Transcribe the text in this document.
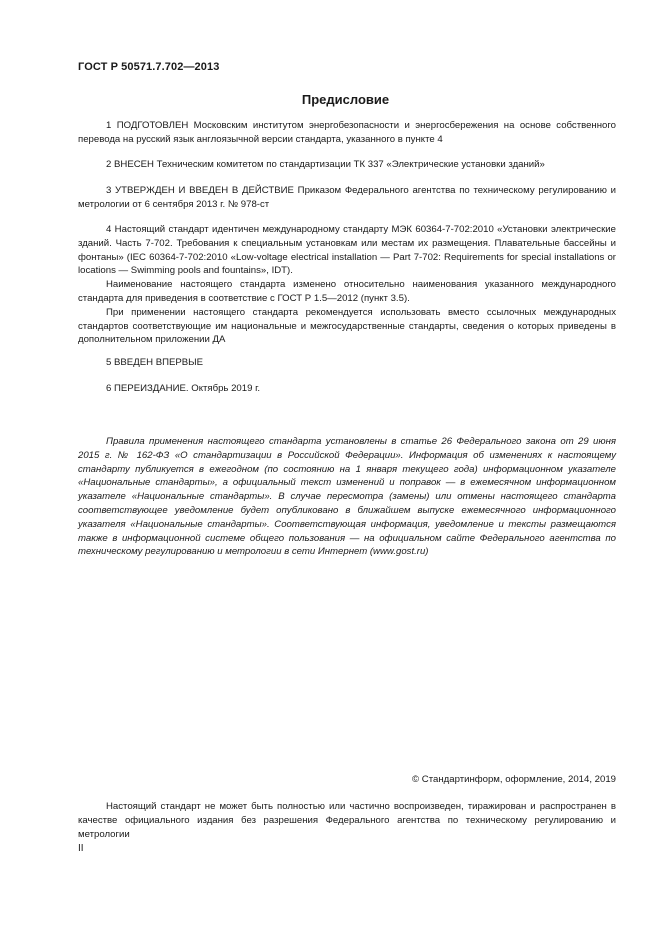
ГОСТ Р 50571.7.702—2013
Предисловие

1 ПОДГОТОВЛЕН Московским институтом энергобезопасности и энергосбережения на основе собственного перевода на русский язык англоязычной версии стандарта, указанного в пункте 4

2 ВНЕСЕН Техническим комитетом по стандартизации ТК 337 «Электрические установки зданий»

3 УТВЕРЖДЕН И ВВЕДЕН В ДЕЙСТВИЕ Приказом Федерального агентства по техническому регулированию и метрологии от 6 сентября 2013 г. № 978-ст

4 Настоящий стандарт идентичен международному стандарту МЭК 60364-7-702:2010 «Установки электрические зданий. Часть 7-702. Требования к специальным установкам или местам их размещения. Плавательные бассейны и фонтаны» (IEC 60364-7-702:2010 «Low-voltage electrical installation — Part 7-702: Requirements for special installations or locations — Swimming pools and fountains», IDT).

Наименование настоящего стандарта изменено относительно наименования указанного международного стандарта для приведения в соответствие с ГОСТ Р 1.5—2012 (пункт 3.5).

При применении настоящего стандарта рекомендуется использовать вместо ссылочных международных стандартов соответствующие им национальные и межгосударственные стандарты, сведения о которых приведены в дополнительном приложении ДА

5 ВВЕДЕН ВПЕРВЫЕ

6 ПЕРЕИЗДАНИЕ. Октябрь 2019 г.

Правила применения настоящего стандарта установлены в статье 26 Федерального закона от 29 июня 2015 г. № 162-ФЗ «О стандартизации в Российской Федерации». Информация об изменениях к настоящему стандарту публикуется в ежегодном (по состоянию на 1 января текущего года) информационном указателе «Национальные стандарты», а официальный текст изменений и поправок — в ежемесячном информационном указателе «Национальные стандарты». В случае пересмотра (замены) или отмены настоящего стандарта соответствующее уведомление будет опубликовано в ближайшем выпуске ежемесячного информационного указателя «Национальные стандарты». Соответствующая информация, уведомление и тексты размещаются также в информационной системе общего пользования — на официальном сайте Федерального агентства по техническому регулированию и метрологии в сети Интернет (www.gost.ru)

© Стандартинформ, оформление, 2014, 2019

Настоящий стандарт не может быть полностью или частично воспроизведен, тиражирован и распространен в качестве официального издания без разрешения Федерального агентства по техническому регулированию и метрологии

II
